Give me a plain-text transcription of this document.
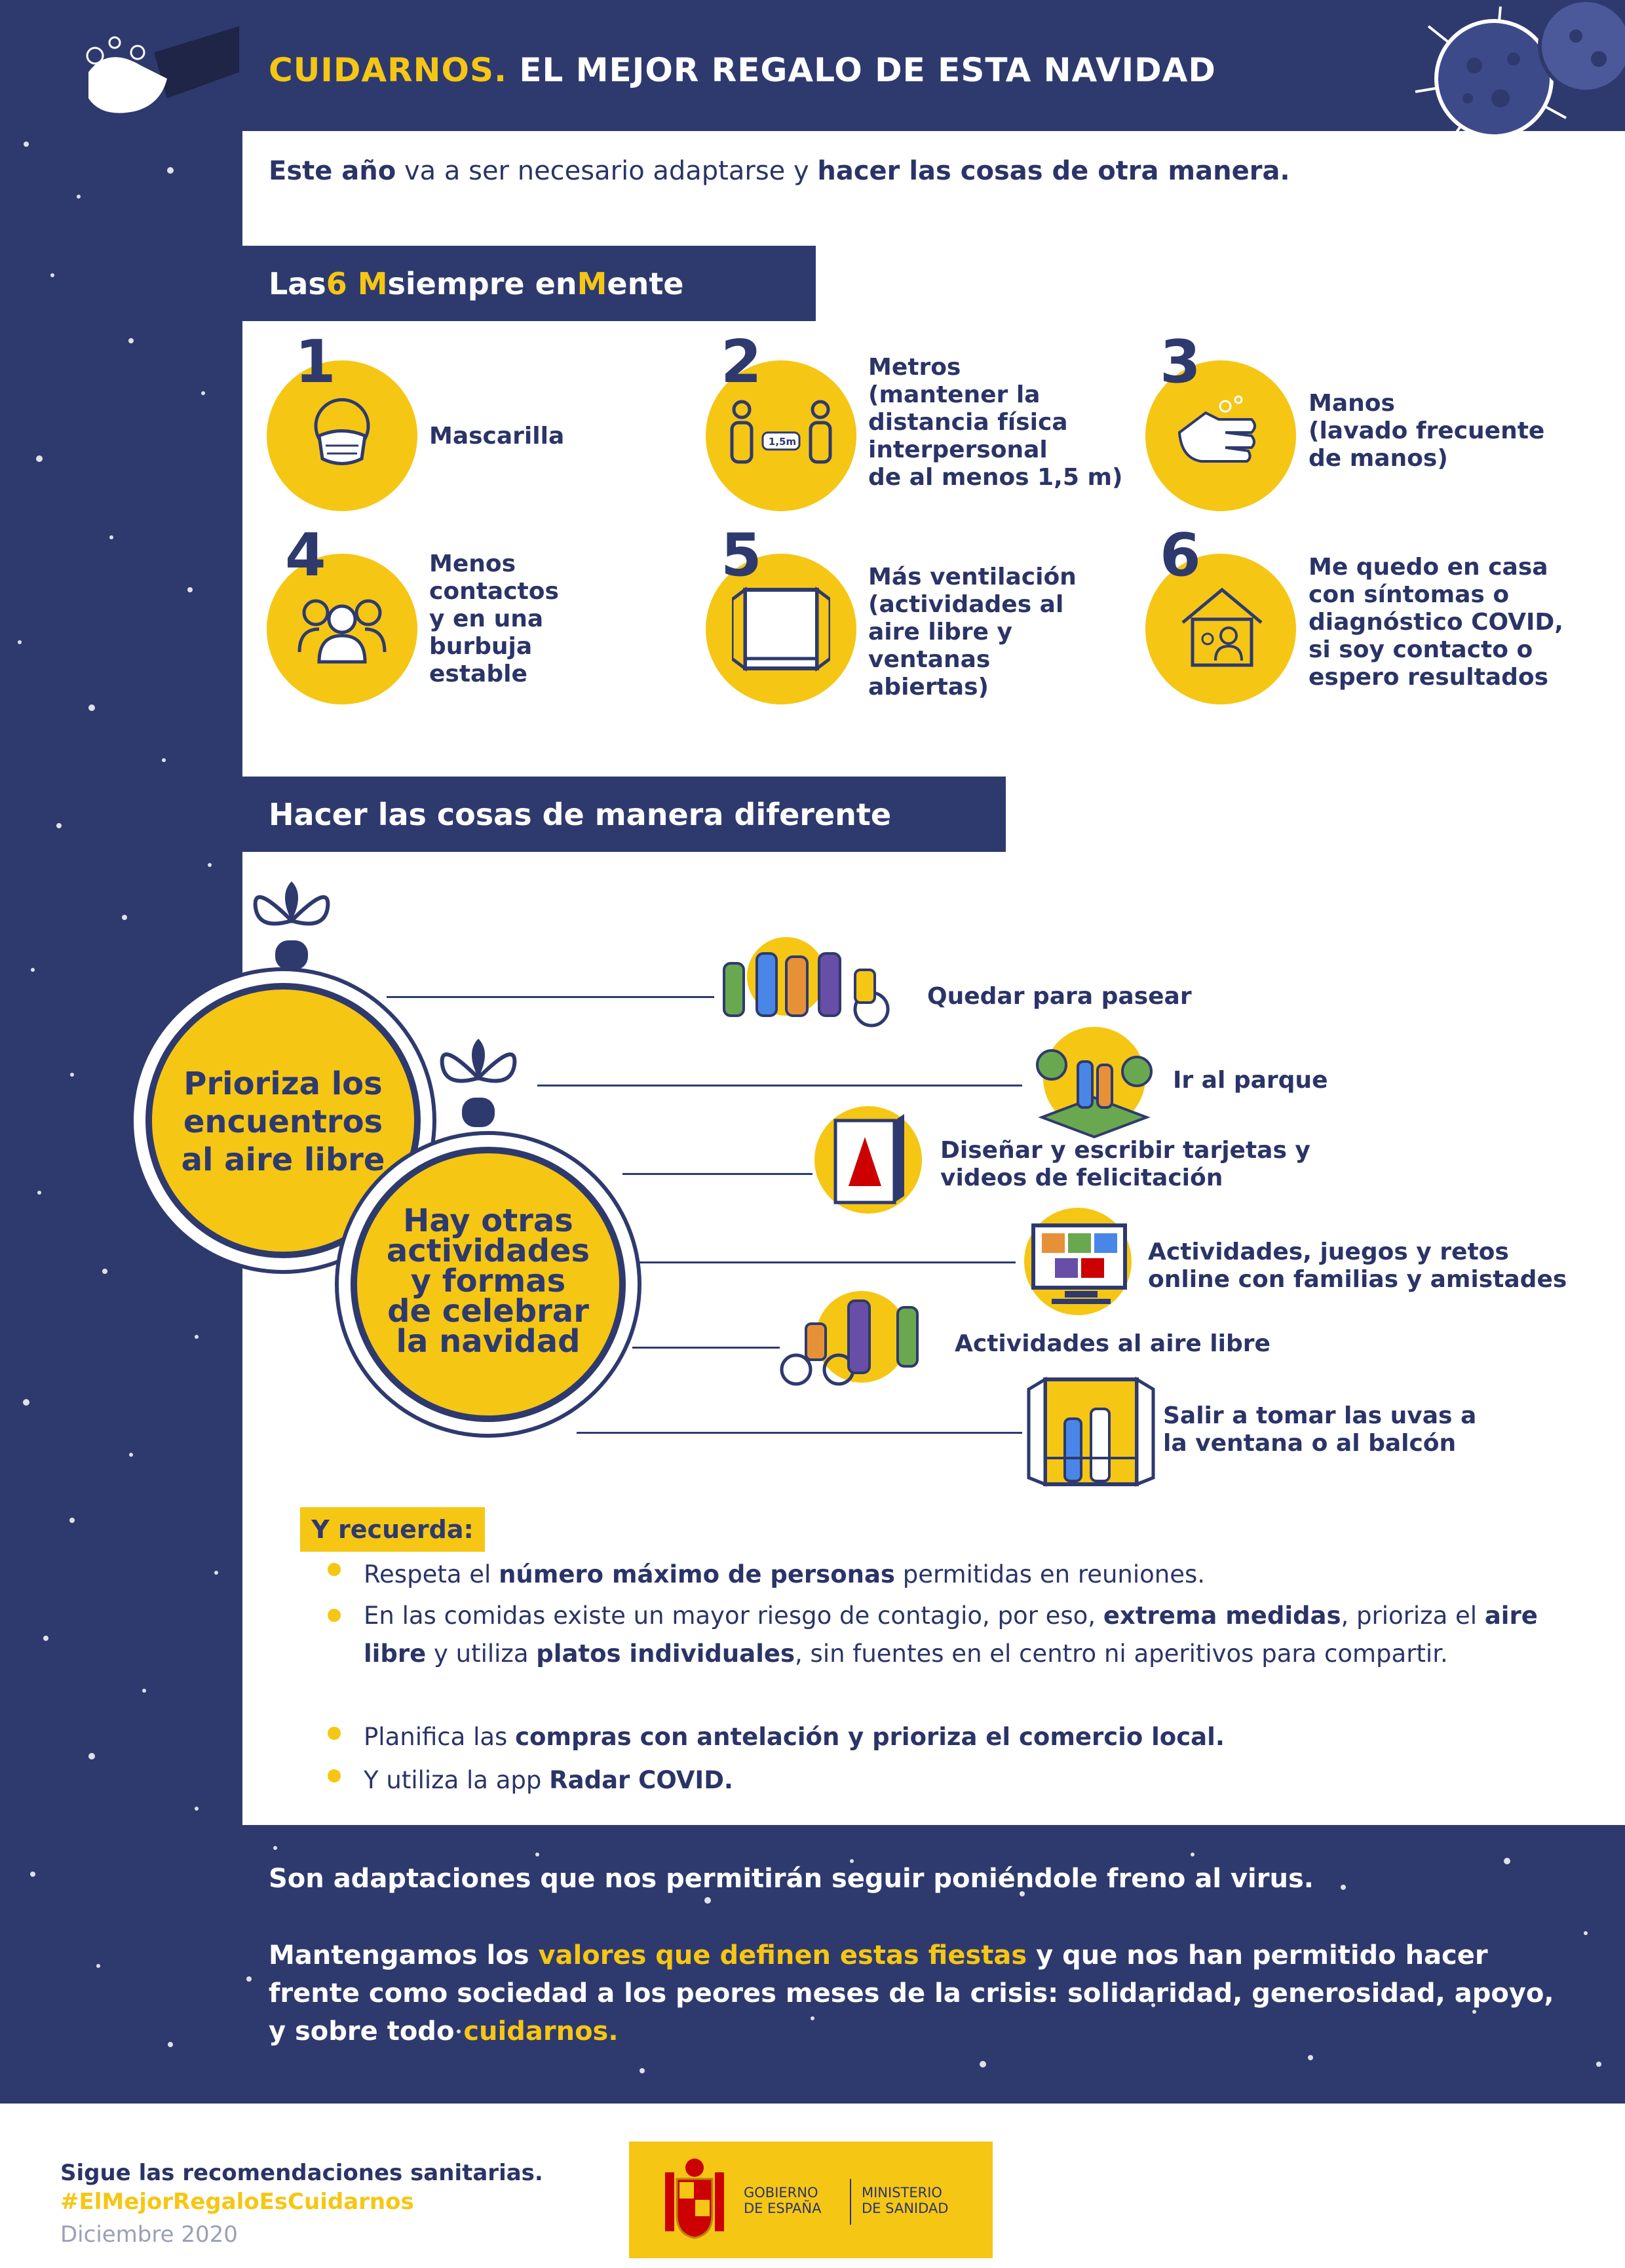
CUIDARNOS. EL MEJOR REGALO DE ESTA NAVIDAD
Este año va a ser necesario adaptarse y hacer las cosas de otra manera.
Las 6 M siempre en M ente
1
Mascarilla	1,5m
2	Metros
(mantener la
distancia física
interpersonal
de al menos 1,5 m)
3
Manos
(lavado frecuente
de manos)
4	Menos
contactos
y en una
burbuja
estable
5	Más ventilación
(actividades al
aire libre y
ventanas
abiertas)
6	Me quedo en casa
con síntomas o
diagnóstico COVID,
si soy contacto o
espero resultados
Hacer las cosas de manera diferente
Prioriza los
encuentros
al aire libre
Hay otras
actividades
y formas
de celebrar
la navidad
Quedar para pasear
Ir al parque
Diseñar y escribir tarjetas y
videos de felicitación
Actividades, juegos y retos
online con familias y amistades
Actividades al aire libre
Salir a tomar las uvas a
la ventana o al balcón
Y recuerda:
Respeta el número máximo de personas permitidas en reuniones.
En las comidas existe un mayor riesgo de contagio, por eso, extrema medidas, prioriza el aire libre y utiliza platos individuales, sin fuentes en el centro ni aperitivos para compartir.
Planifica las compras con antelación y prioriza el comercio local.
Y utiliza la app Radar COVID.
Son adaptaciones que nos permitirán seguir poniéndole freno al virus.
Mantengamos los valores que definen estas fiestas y que nos han permitido hacer frente como sociedad a los peores meses de la crisis: solidaridad, generosidad, apoyo, y sobre todo cuidarnos.
Sigue las recomendaciones sanitarias.
#ElMejorRegaloEsCuidarnos
Diciembre 2020
GOBIERNO
DE ESPAÑA
MINISTERIO
DE SANIDAD
